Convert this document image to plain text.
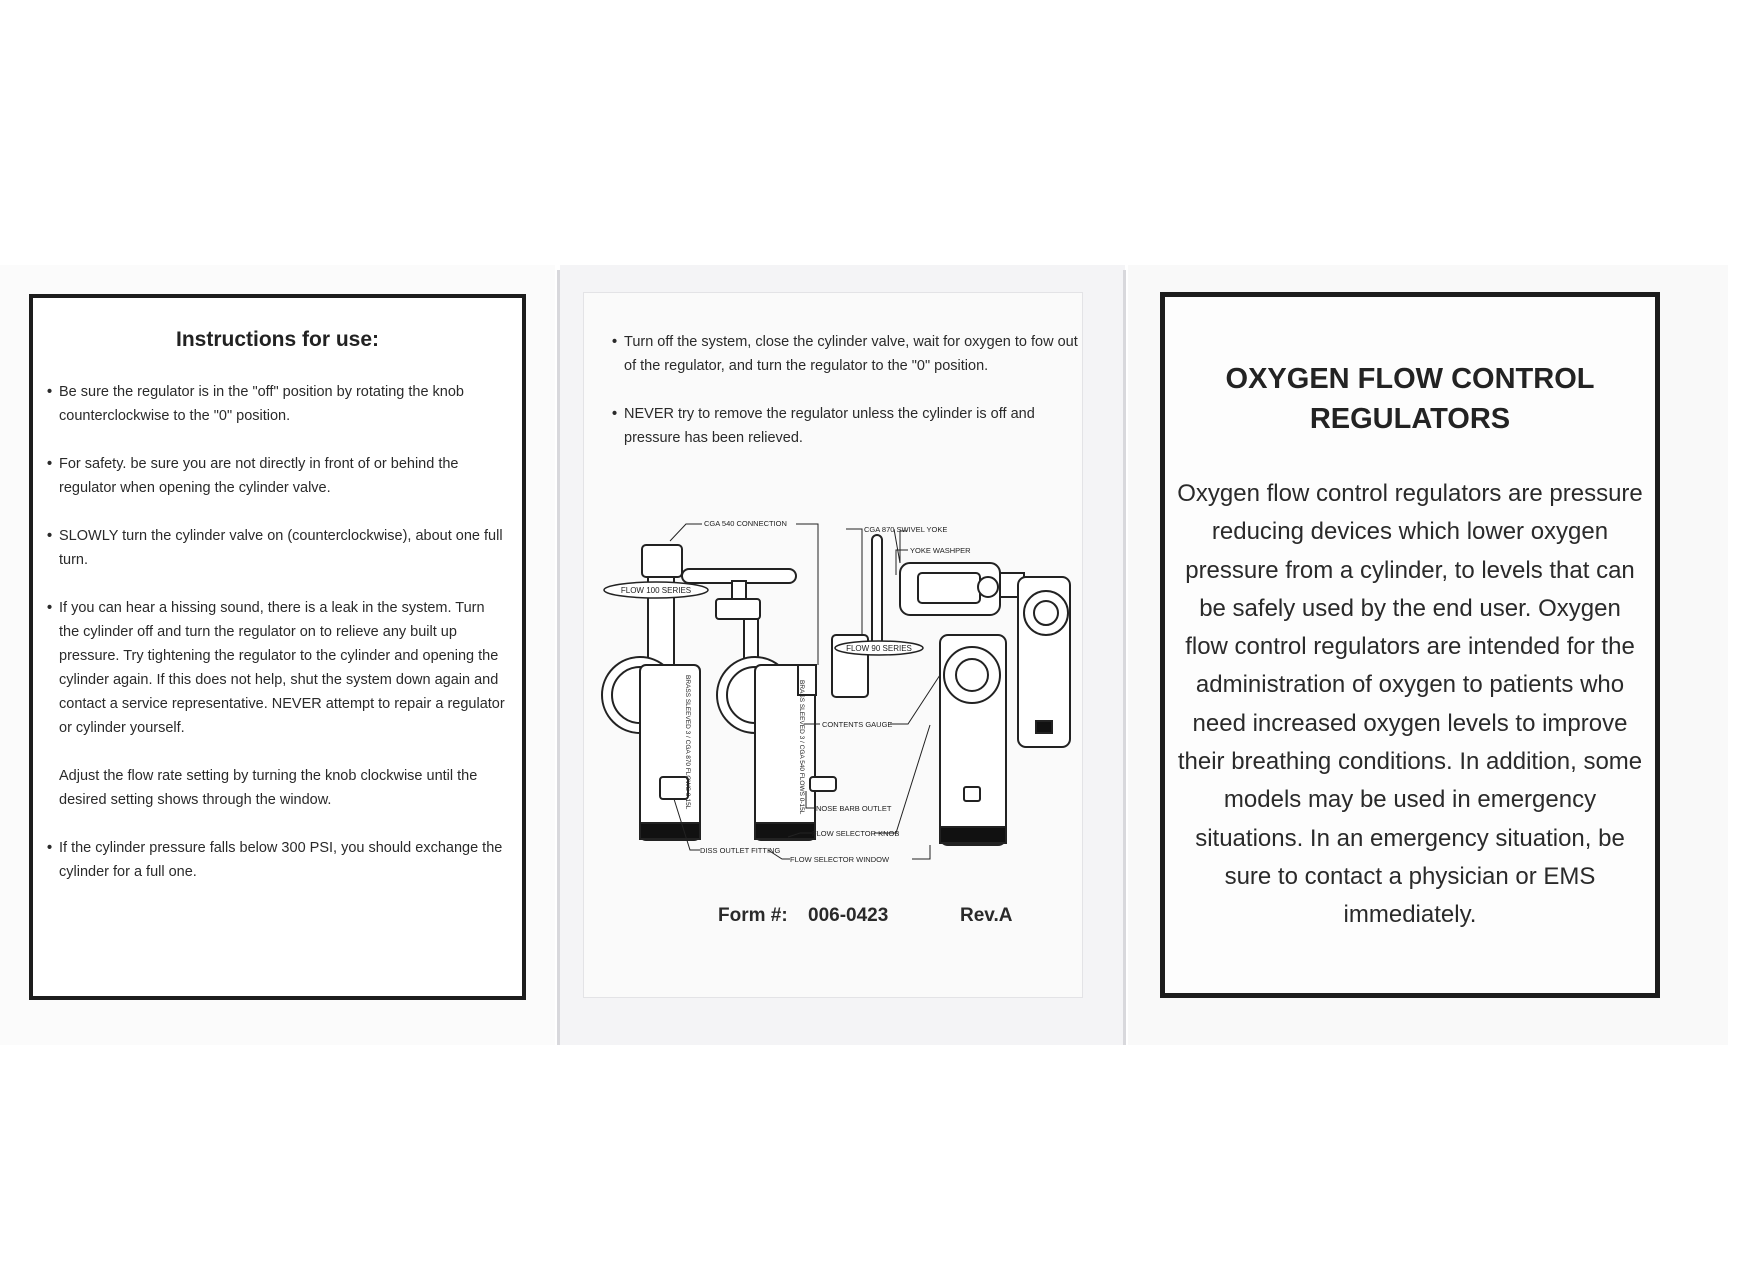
Instructions for use:
• Be sure the regulator is in the "off" position by rotating the knob counterclockwise to the "0" position.
• For safety. be sure you are not directly in front of or behind the regulator when opening the cylinder valve.
• SLOWLY turn the cylinder valve on (counterclockwise), about one full turn.
• If you can hear a hissing sound, there is a leak in the system. Turn the cylinder off and turn the regulator on to relieve any built up pressure. Try tightening the regulator to the cylinder and opening the cylinder again. If this does not help, shut the system down again and contact a service representative. NEVER attempt to repair a regulator or cylinder yourself.
Adjust the flow rate setting by turning the knob clockwise until the desired setting shows through the window.
• If the cylinder pressure falls below 300 PSI, you should exchange the cylinder for a full one.
• Turn off the system, close the cylinder valve, wait for oxygen to fow out of the regulator, and turn the regulator to the "0" position.
• NEVER try to remove the regulator unless the cylinder is off and pressure has been relieved.
FLOW 100 SERIES
FLOW 90 SERIES
BRASS SLEEVED 3 / CGA 870 FLOWS 0-15L	BRASS SLEEVED 3 / CGA 540 FLOWS 0-15L
CGA 540 CONNECTION
CGA 870 SWIVEL YOKE
YOKE WASHPER
CONTENTS GAUGE
NOSE BARB OUTLET
FLOW SELECTOR KNOB
DISS OUTLET FITTING
FLOW SELECTOR WINDOW
Form #: 006-0423	Rev.A
OXYGEN FLOW CONTROL
REGULATORS

Oxygen flow control regulators are pressure reducing devices which lower oxygen pressure from a cylinder, to levels that can be safely used by the end user. Oxygen flow control regulators are intended for the administration of oxygen to patients who need increased oxygen levels to improve their breathing conditions. In addition, some models may be used in emergency situations. In an emergency situation, be sure to contact a physician or EMS immediately.
